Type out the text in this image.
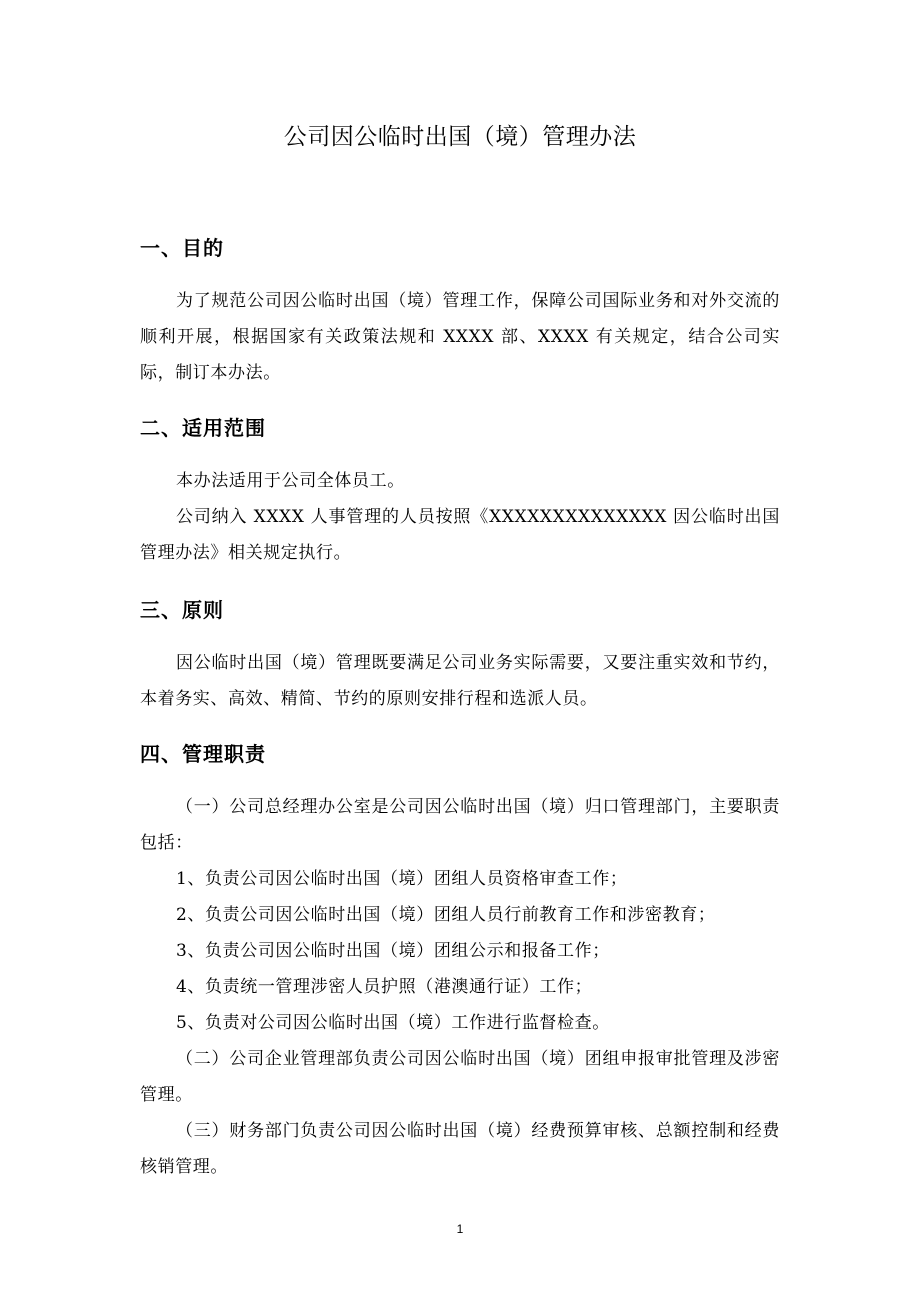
公司因公临时出国（境）管理办法
一、目的
为了规范公司因公临时出国（境）管理工作，保障公司国际业务和对外交流的顺利开展，根据国家有关政策法规和 XXXX 部、XXXX 有关规定，结合公司实际，制订本办法。
二、适用范围
本办法适用于公司全体员工。
公司纳入 XXXX 人事管理的人员按照《XXXXXXXXXXXXXX 因公临时出国管理办法》相关规定执行。
三、原则
因公临时出国（境）管理既要满足公司业务实际需要，又要注重实效和节约，本着务实、高效、精简、节约的原则安排行程和选派人员。
四、管理职责
（一）公司总经理办公室是公司因公临时出国（境）归口管理部门，主要职责包括：
1、负责公司因公临时出国（境）团组人员资格审查工作；
2、负责公司因公临时出国（境）团组人员行前教育工作和涉密教育；
3、负责公司因公临时出国（境）团组公示和报备工作；
4、负责统一管理涉密人员护照（港澳通行证）工作；
5、负责对公司因公临时出国（境）工作进行监督检查。
（二）公司企业管理部负责公司因公临时出国（境）团组申报审批管理及涉密管理。
（三）财务部门负责公司因公临时出国（境）经费预算审核、总额控制和经费核销管理。
1
